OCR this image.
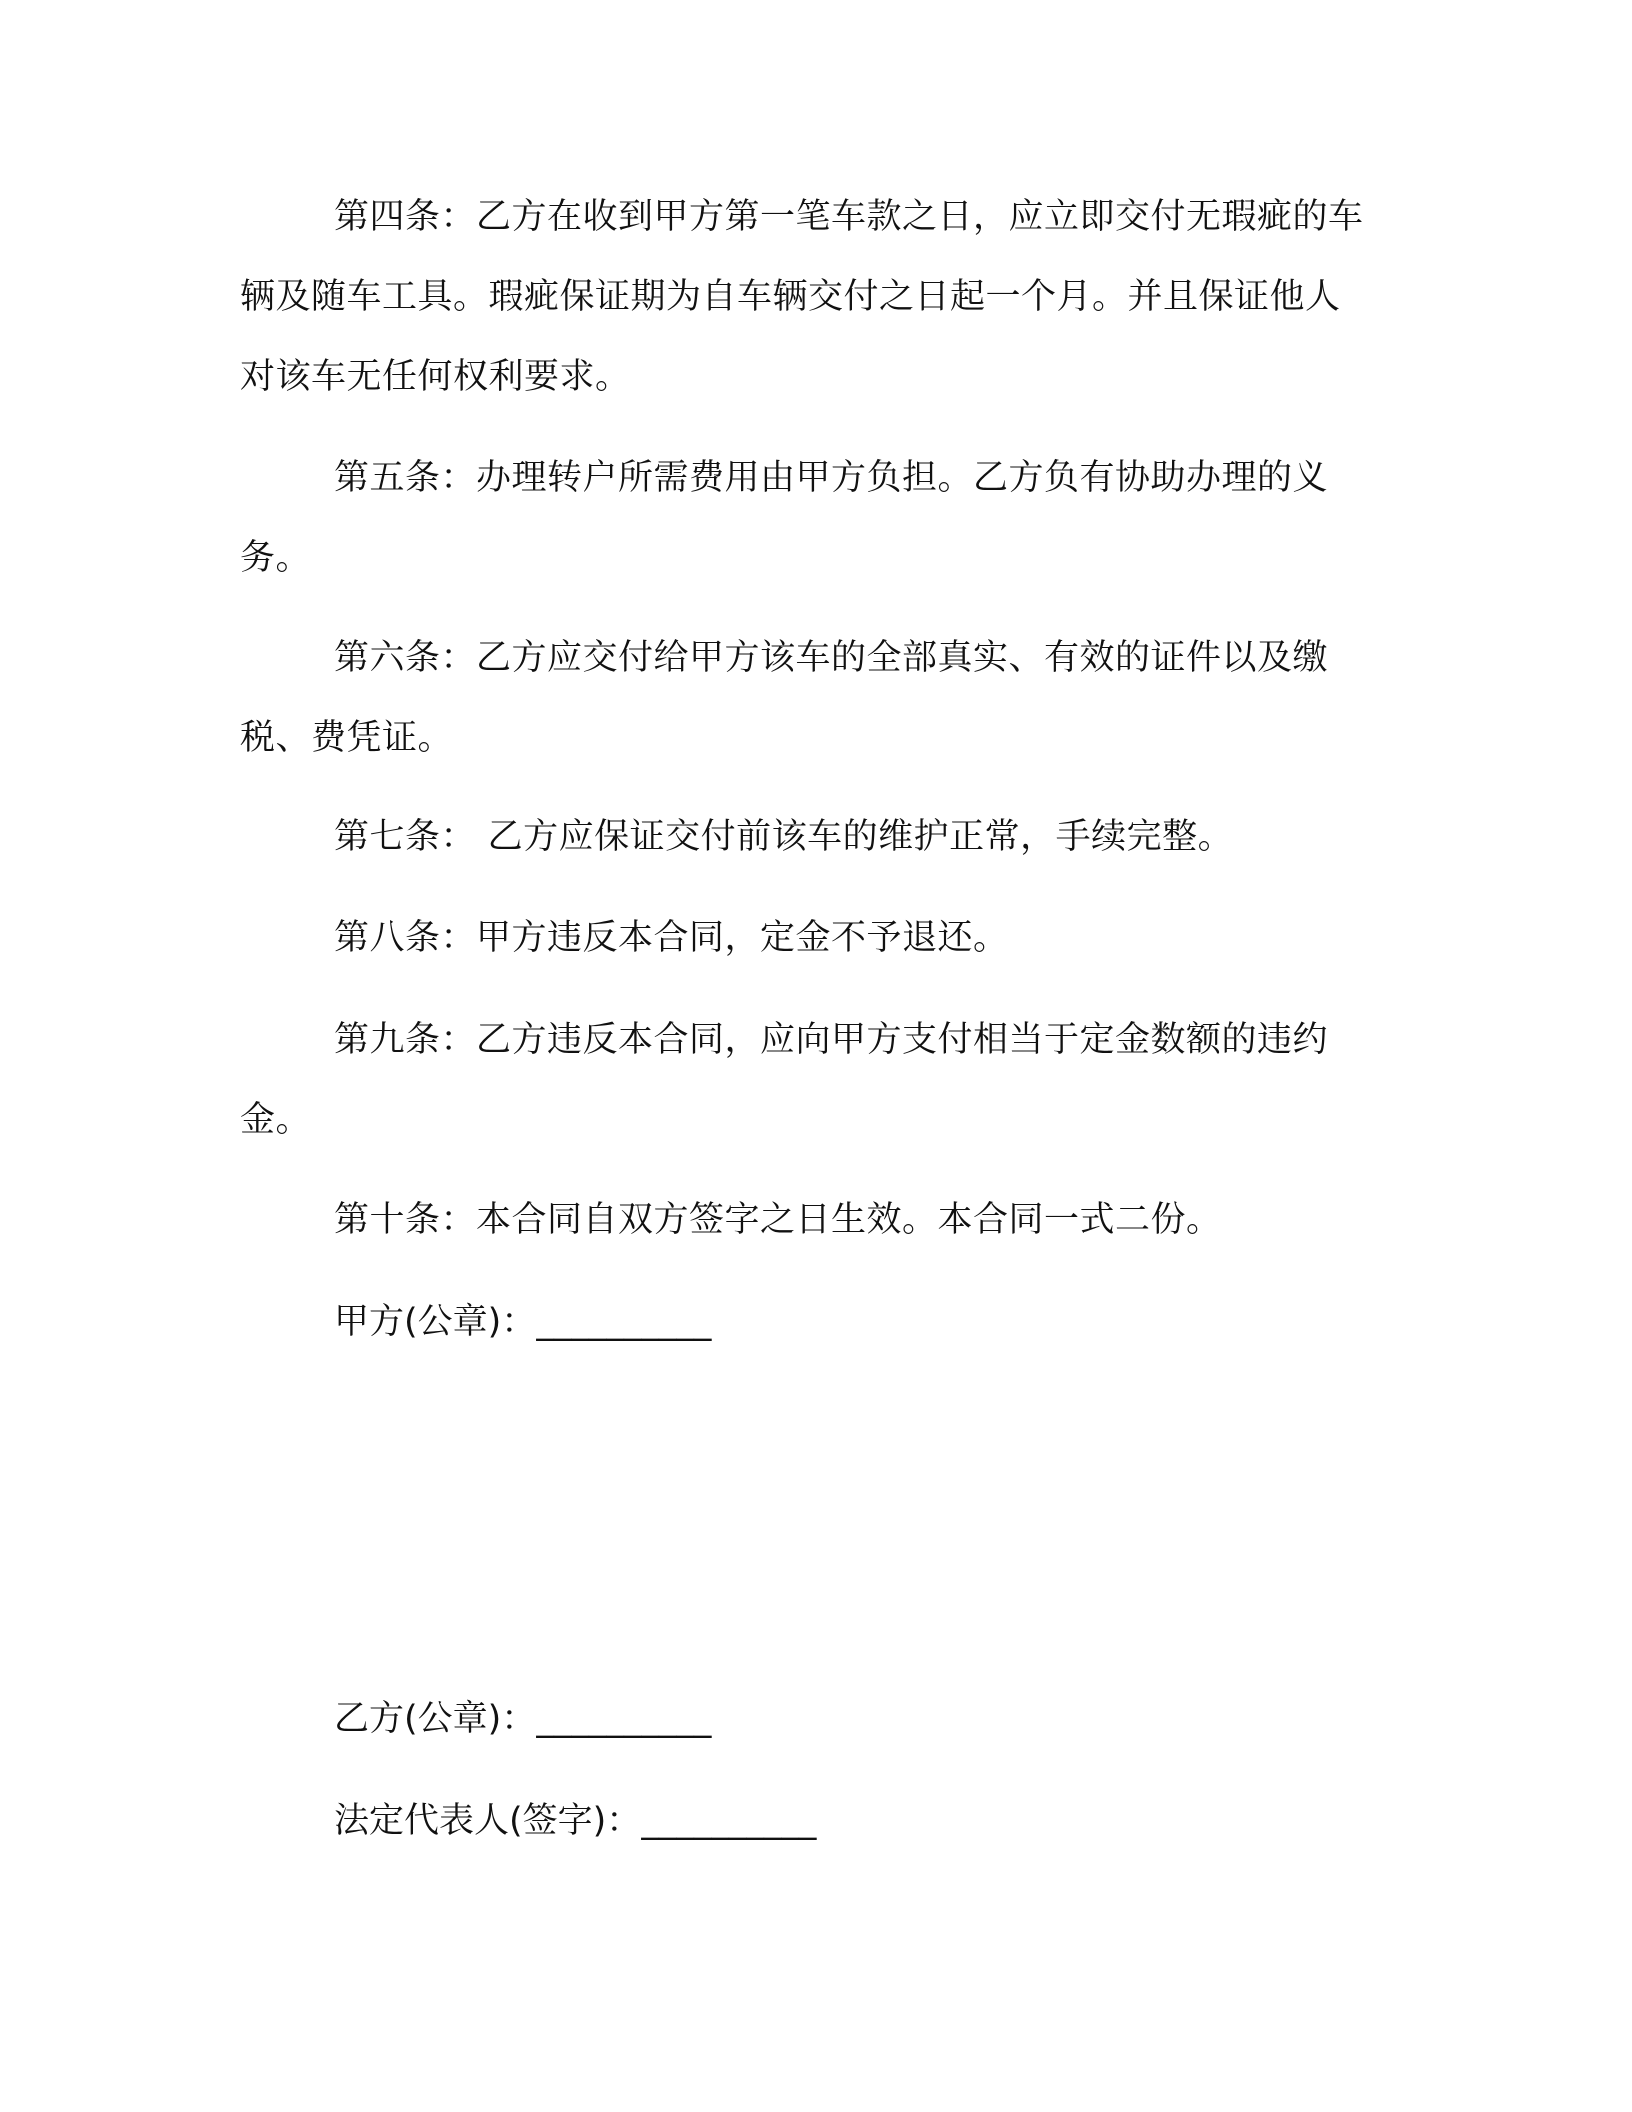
第四条：乙方在收到甲方第一笔车款之日，应立即交付无瑕疵的车辆及随车工具。瑕疵保证期为自车辆交付之日起一个月。并且保证他人对该车无任何权利要求。

第五条：办理转户所需费用由甲方负担。乙方负有协助办理的义务。

第六条：乙方应交付给甲方该车的全部真实、有效的证件以及缴税、费凭证。

第七条： 乙方应保证交付前该车的维护正常，手续完整。

第八条：甲方违反本合同，定金不予退还。

第九条：乙方违反本合同，应向甲方支付相当于定金数额的违约金。

第十条：本合同自双方签字之日生效。本合同一式二份。

甲方(公章)：__________

乙方(公章)：__________

法定代表人(签字)：__________
